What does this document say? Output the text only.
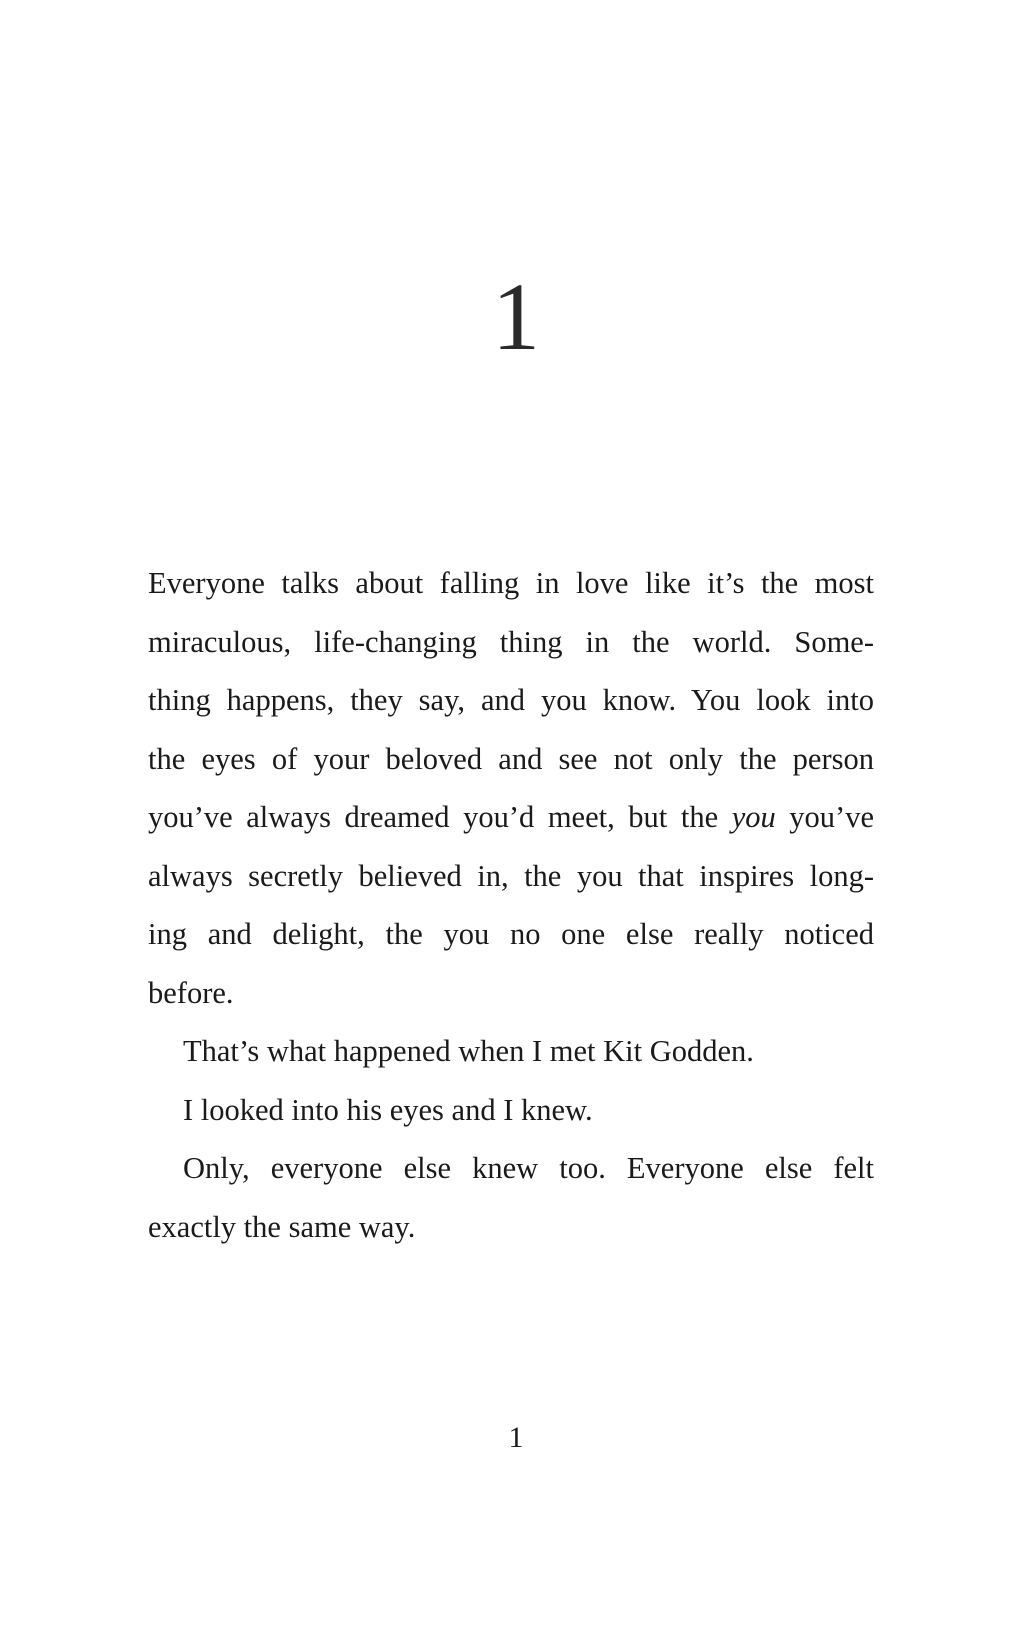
1

Everyone talks about falling in love like it’s the most
miraculous, life-changing thing in the world. Some-
thing happens, they say, and you know. You look into
the eyes of your beloved and see not only the person
you’ve always dreamed you’d meet, but the you you’ve
always secretly believed in, the you that inspires long-
ing and delight, the you no one else really noticed
before.

That’s what happened when I met Kit Godden.

I looked into his eyes and I knew.

Only, everyone else knew too. Everyone else felt
exactly the same way.

1
